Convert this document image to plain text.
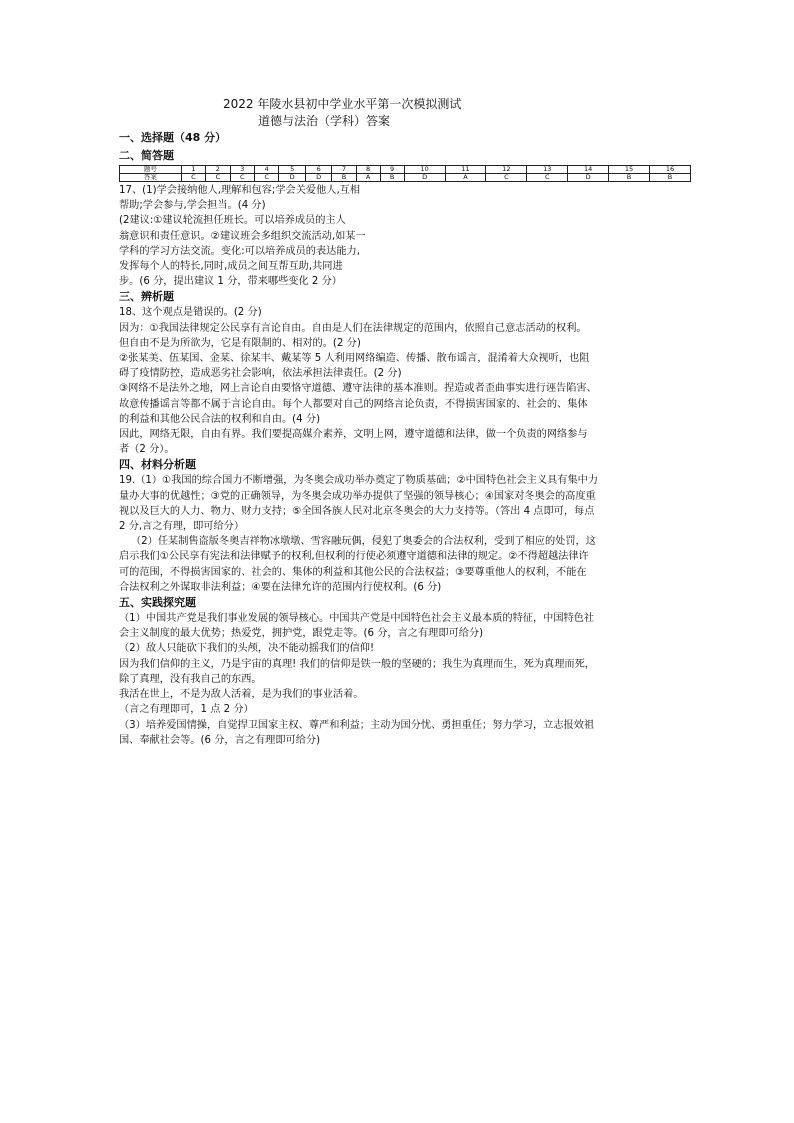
2022 年陵水县初中学业水平第一次模拟测试
道德与法治（学科）答案
一、选择题（48 分）
二、简答题
题号	1	2	3	4	5	6	7	8	9	10	11	12	13	14	15	16
答案	C	C	C	C	D	D	B	A	B	D	A	C	C	D	B	B

17、(1)学会接纳他人,理解和包容;学会关爱他人,互相

帮助;学会参与,学会担当。(4 分)

(2建议:①建议轮流担任班长。可以培养成员的主人

翁意识和责任意识。②建议班会多组织交流活动,如某一

学科的学习方法交流。变化:可以培养成员的表达能力,

发挥每个人的特长,同时,成员之间互帮互助,共同进

步。(6 分，提出建议 1 分，带来哪些变化 2 分）

三、辨析题

18、这个观点是错误的。(2 分)

因为：①我国法律规定公民享有言论自由。自由是人们在法律规定的范围内，依照自己意志活动的权利。

但自由不是为所欲为，它是有限制的、相对的。(2 分)

②张某美、伍某国、金某、徐某丰、戴某等 5 人利用网络编造、传播、散布谣言，混淆着大众视听，也阻

碍了疫情防控，造成恶劣社会影响，依法承担法律责任。(2 分)

③网络不是法外之地，网上言论自由要恪守道德、遵守法律的基本准则。捏造或者歪曲事实进行诬告陷害、

故意传播谣言等都不属于言论自由。每个人都要对自己的网络言论负责，不得损害国家的、社会的、集体

的利益和其他公民合法的权利和自由。(4 分)

因此，网络无限，自由有界。我们要提高媒介素养，文明上网，遵守道德和法律，做一个负责的网络参与

者（2 分）。

四、材料分析题

19.（1）①我国的综合国力不断增强，为冬奥会成功举办奠定了物质基础；②中国特色社会主义具有集中力

量办大事的优越性；③党的正确领导，为冬奥会成功举办提供了坚强的领导核心；④国家对冬奥会的高度重

视以及巨大的人力、物力、财力支持；⑤全国各族人民对北京冬奥会的大力支持等。（答出 4 点即可，每点

2 分,言之有理，即可给分）

（2）任某制售盗版冬奥吉祥物冰墩墩、雪容融玩偶，侵犯了奥委会的合法权利，受到了相应的处罚，这

启示我们①公民享有宪法和法律赋予的权利,但权利的行使必须遵守道德和法律的规定。②不得超越法律许

可的范围，不得损害国家的、社会的、集体的利益和其他公民的合法权益；③要尊重他人的权利，不能在

合法权利之外谋取非法利益；④要在法律允许的范围内行使权利。(6 分)

五、实践探究题

（1）中国共产党是我们事业发展的领导核心。中国共产党是中国特色社会主义最本质的特征，中国特色社

会主义制度的最大优势；热爱党，拥护党，跟党走等。(6 分，言之有理即可给分)

（2）敌人只能砍下我们的头颅，决不能动摇我们的信仰!

因为我们信仰的主义，乃是宇宙的真理! 我们的信仰是铁一般的坚硬的；我生为真理而生，死为真理而死，

除了真理，没有我自己的东西。

我活在世上，不是为敌人活着，是为我们的事业活着。

（言之有理即可，1 点 2 分）

（3）培养爱国情操，自觉捍卫国家主权、尊严和利益；主动为国分忧、勇担重任；努力学习，立志报效祖

国、奉献社会等。(6 分，言之有理即可给分)
